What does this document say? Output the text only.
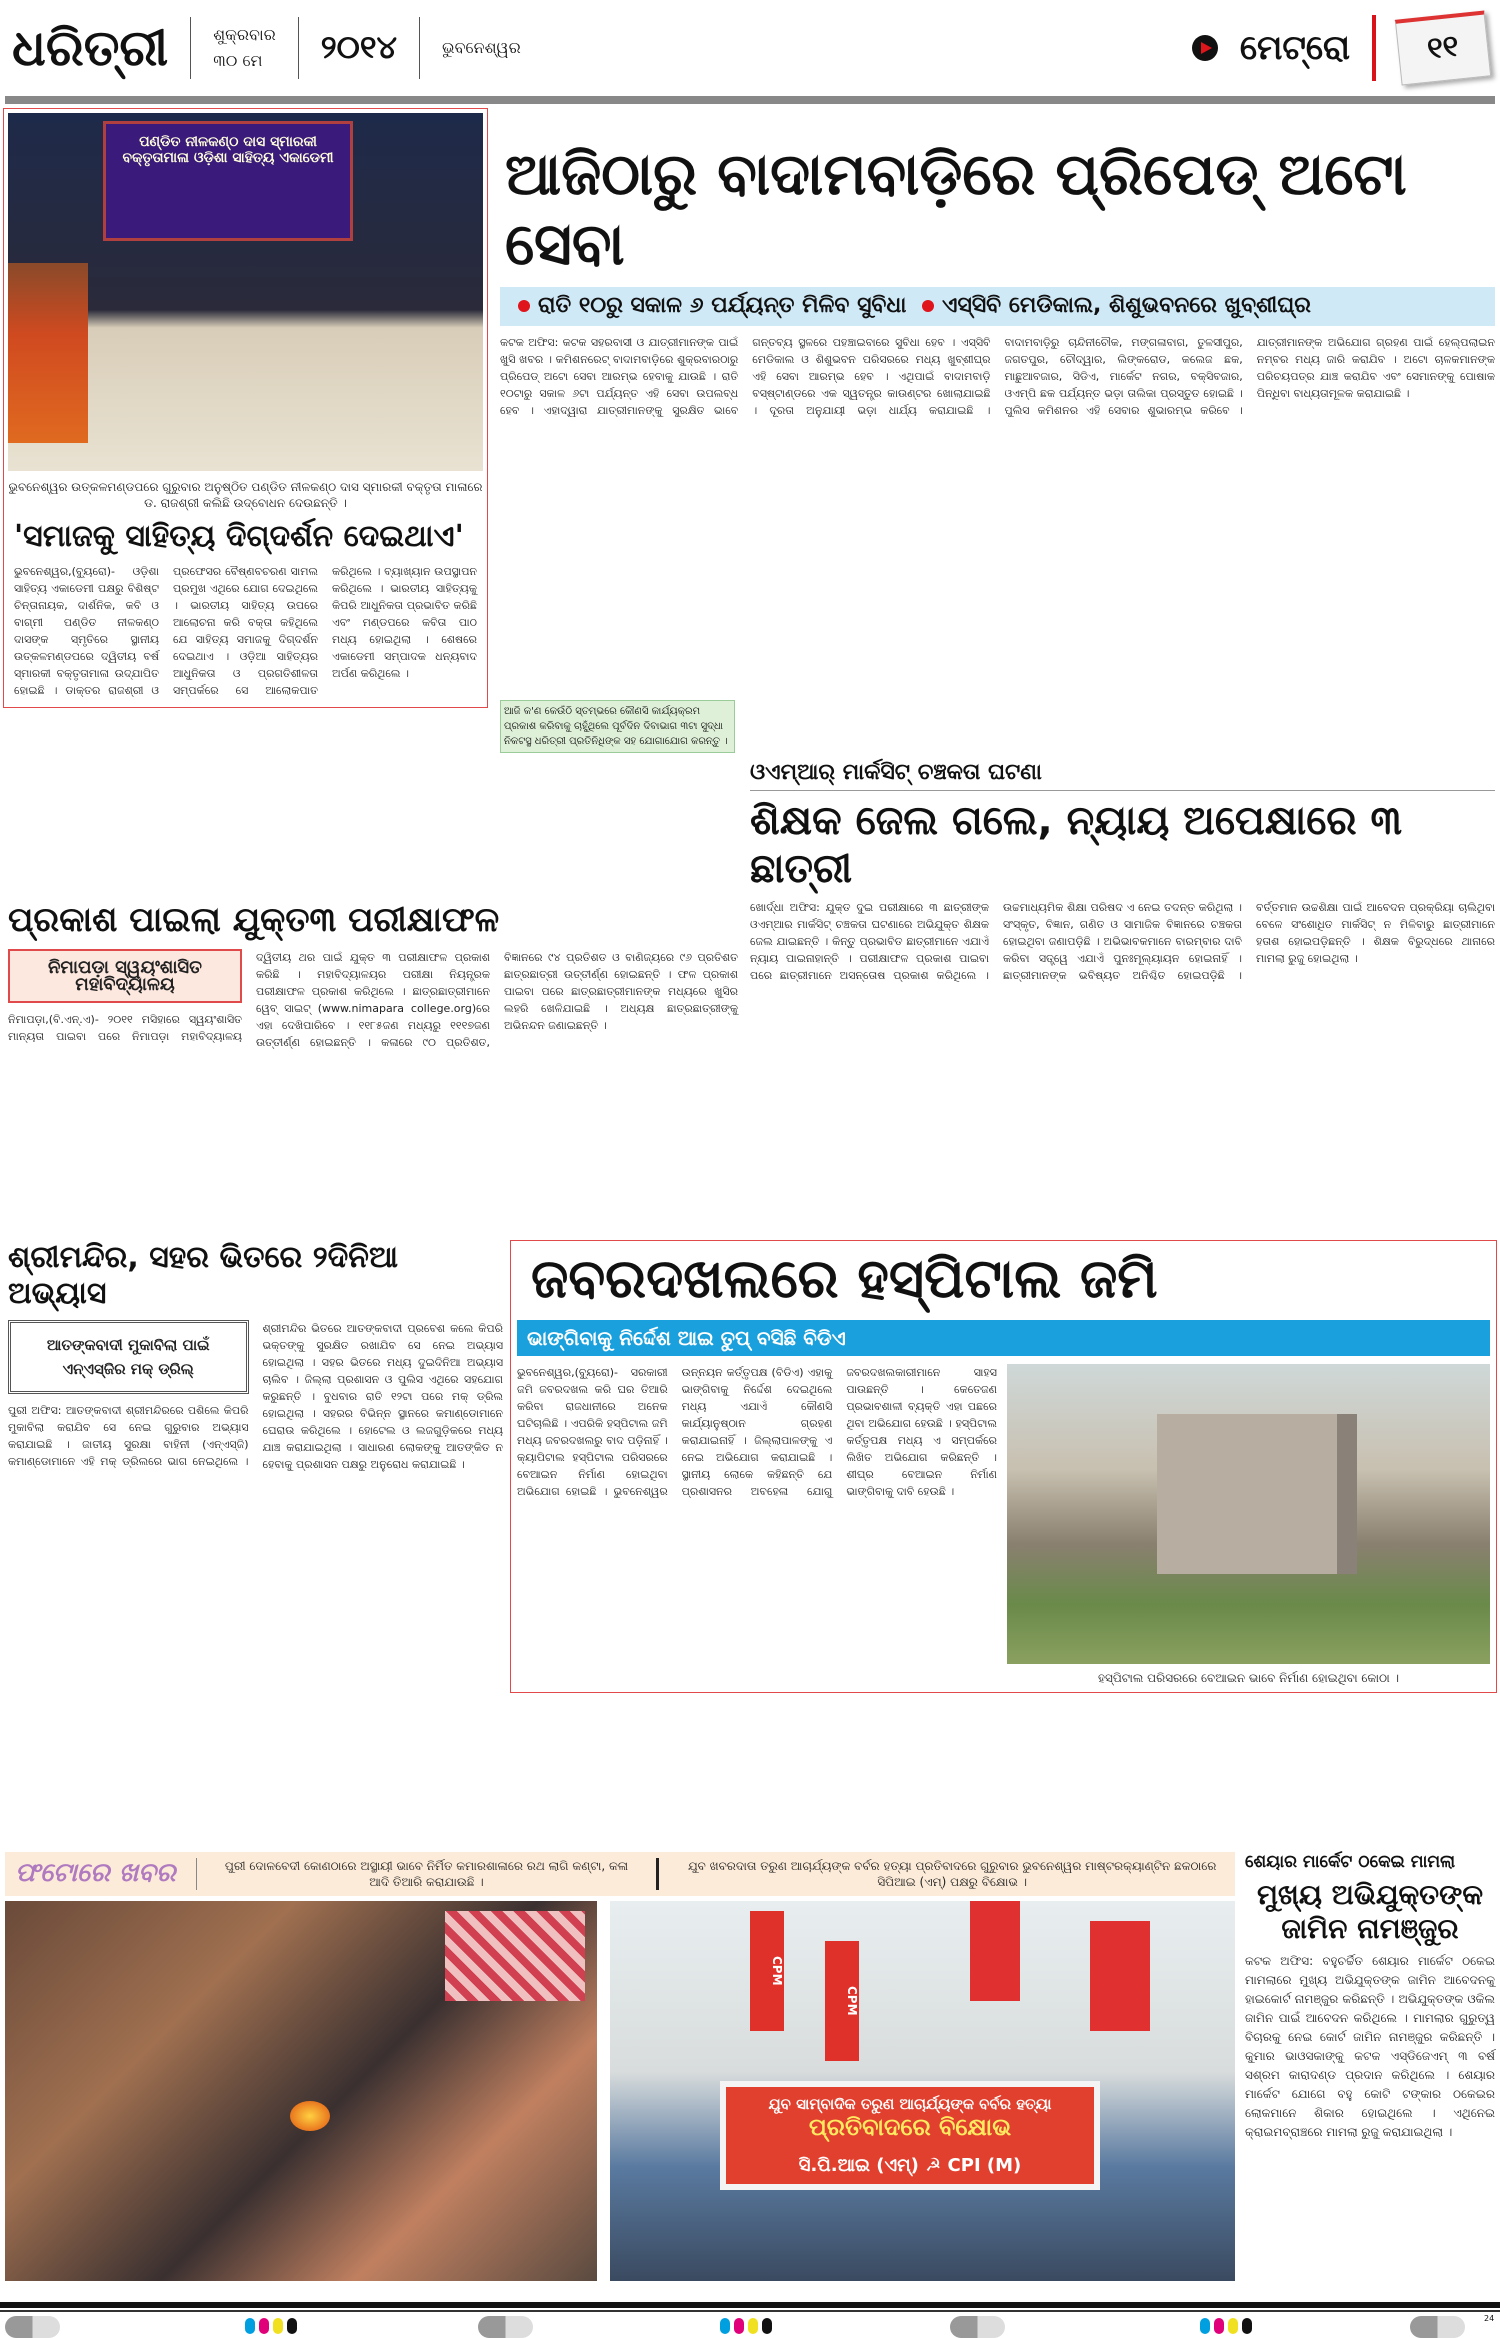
ଧରିତ୍ରୀ	ଶୁକ୍ରବାର
୩୦ ମେ	୨୦୧୪	ଭୁବନେଶ୍ୱର	ମେଟ୍ରୋ	୧୧
ପଣ୍ଡିତ ନୀଳକଣ୍ଠ ଦାସ ସ୍ମାରକୀ ବକ୍ତୃତାମାଳା ଓଡ଼ିଶା ସାହିତ୍ୟ ଏକାଡେମୀ
ଭୁବନେଶ୍ୱର ଉତ୍କଳମଣ୍ଡପରେ ଗୁରୁବାର ଅନୁଷ୍ଠିତ ପଣ୍ଡିତ ନୀଳକଣ୍ଠ ଦାସ ସ୍ମାରକୀ ବକ୍ତୃତା ମାଳାରେ ଡ. ରାଜଶ୍ରୀ କଲିଛି ଉଦ୍‌ବୋଧନ ଦେଉଛନ୍ତି ।
'ସମାଜକୁ ସାହିତ୍ୟ ଦିଗ୍‌ଦର୍ଶନ ଦେଇଥାଏ'
ଭୁବନେଶ୍ୱର,(ବ୍ୟୁରୋ)- ଓଡ଼ିଶା ସାହିତ୍ୟ ଏକାଡେମୀ ପକ୍ଷରୁ ବିଶିଷ୍ଟ ଚିନ୍ତାନାୟକ, ଦାର୍ଶନିକ, କବି ଓ ବାଗ୍ମୀ ପଣ୍ଡିତ ନୀଳକଣ୍ଠ ଦାସଙ୍କ ସ୍ମୃତିରେ ସ୍ଥାନୀୟ ଉତ୍କଳମଣ୍ଡପରେ ଦ୍ୱିତୀୟ ବର୍ଷ ସ୍ମାରକୀ ବକ୍ତୃତାମାଳା ଉଦ୍‌ଯାପିତ ହୋଇଛି । ଡାକ୍ତର ରାଜଶ୍ରୀ ଓ ପ୍ରଫେସର ବୈଷ୍ଣବଚରଣ ସାମଲ ପ୍ରମୁଖ ଏଥିରେ ଯୋଗ ଦେଇଥିଲେ । ଭାରତୀୟ ସାହିତ୍ୟ ଉପରେ ଆଲୋଚନା କରି ବକ୍ତା କହିଥିଲେ ଯେ ସାହିତ୍ୟ ସମାଜକୁ ଦିଗ୍‌ଦର୍ଶନ ଦେଇଥାଏ । ଓଡ଼ିଆ ସାହିତ୍ୟର ଆଧୁନିକତା ଓ ପ୍ରଗତିଶୀଳତା ସମ୍ପର୍କରେ ସେ ଆଲୋକପାତ କରିଥିଲେ । ବ୍ୟାଖ୍ୟାନ ଉପସ୍ଥାପନ କରିଥିଲେ । ଭାରତୀୟ ସାହିତ୍ୟକୁ କିପରି ଆଧୁନିକତା ପ୍ରଭାବିତ କରିଛି ଏବଂ ମଣ୍ଡପରେ କବିତା ପାଠ ମଧ୍ୟ ହୋଇଥିଲା । ଶେଷରେ ଏକାଡେମୀ ସମ୍ପାଦକ ଧନ୍ୟବାଦ ଅର୍ପଣ କରିଥିଲେ ।
ଆଜିଠାରୁ ବାଦାମବାଡ଼ିରେ ପ୍ରିପେଡ୍ ଅଟୋ ସେବା
ରାତି ୧୦ରୁ ସକାଳ ୬ ପର୍ଯ୍ୟନ୍ତ ମିଳିବ ସୁବିଧା ଏସ୍‌ସିବି ମେଡିକାଲ, ଶିଶୁଭବନରେ ଖୁବ୍‌ଶୀଘ୍ର
କଟକ ଅଫିସ: କଟକ ସହରବାସୀ ଓ ଯାତ୍ରୀମାନଙ୍କ ପାଇଁ ଖୁସି ଖବର । କମିଶନରେଟ୍ ବାଦାମବାଡ଼ିରେ ଶୁକ୍ରବାରଠାରୁ ପ୍ରିପେଡ୍ ଅଟୋ ସେବା ଆରମ୍ଭ ହେବାକୁ ଯାଉଛି । ରାତି ୧୦ଟାରୁ ସକାଳ ୬ଟା ପର୍ଯ୍ୟନ୍ତ ଏହି ସେବା ଉପଲବ୍ଧ ହେବ । ଏହାଦ୍ୱାରା ଯାତ୍ରୀମାନଙ୍କୁ ସୁରକ୍ଷିତ ଭାବେ ଗନ୍ତବ୍ୟ ସ୍ଥଳରେ ପହଞ୍ଚାଇବାରେ ସୁବିଧା ହେବ । ଏସ୍‌ସିବି ମେଡିକାଲ ଓ ଶିଶୁଭବନ ପରିସରରେ ମଧ୍ୟ ଖୁବ୍‌ଶୀଘ୍ର ଏହି ସେବା ଆରମ୍ଭ ହେବ । ଏଥିପାଇଁ ବାଦାମବାଡ଼ି ବସ୍‌ଷ୍ଟାଣ୍ଡରେ ଏକ ସ୍ୱତନ୍ତ୍ର କାଉଣ୍ଟର ଖୋଲାଯାଇଛି । ଦୂରତା ଅନୁଯାୟୀ ଭଡ଼ା ଧାର୍ଯ୍ୟ କରାଯାଇଛି । ବାଦାମବାଡ଼ିରୁ ଚାନ୍ଦିନୀଚୌକ, ମଙ୍ଗଳାବାଗ, ତୁଳସୀପୁର, ଜଗତପୁର, ଚୌଦ୍ୱାର, ଲିଙ୍କରୋଡ, କଲେଜ ଛକ, ମାଛୁଆବଜାର, ସିଡିଏ, ମାର୍କେଟ ନଗର, ବକ୍ସିବଜାର, ଓଏମ୍‌ପି ଛକ ପର୍ଯ୍ୟନ୍ତ ଭଡ଼ା ତାଲିକା ପ୍ରସ୍ତୁତ ହୋଇଛି । ପୁଲିସ କମିଶନର ଏହି ସେବାର ଶୁଭାରମ୍ଭ କରିବେ । ଯାତ୍ରୀମାନଙ୍କ ଅଭିଯୋଗ ଗ୍ରହଣ ପାଇଁ ହେଲ୍ପଲାଇନ ନମ୍ବର ମଧ୍ୟ ଜାରି କରାଯିବ । ଅଟୋ ଚାଳକମାନଙ୍କ ପରିଚୟପତ୍ର ଯାଞ୍ଚ କରାଯିବ ଏବଂ ସେମାନଙ୍କୁ ପୋଷାକ ପିନ୍ଧିବା ବାଧ୍ୟତାମୂଳକ କରାଯାଇଛି ।
ଆଜି କ'ଣ କେଉଁଠି ସ୍ତମ୍ଭରେ କୌଣସି କାର୍ଯ୍ୟକ୍ରମ ପ୍ରକାଶ କରିବାକୁ ଚାହୁଁଥିଲେ ପୂର୍ବଦିନ ଦିବାଭାଗ ୩ଟା ସୁଦ୍ଧା ନିକଟସ୍ଥ ଧରିତ୍ରୀ ପ୍ରତିନିଧିଙ୍କ ସହ ଯୋଗାଯୋଗ କରନ୍ତୁ ।
ଓଏମ୍‌ଆର୍ ମାର୍କସିଟ୍ ଚଞ୍ଚକତା ଘଟଣା
ଶିକ୍ଷକ ଜେଲ ଗଲେ, ନ୍ୟାୟ ଅପେକ୍ଷାରେ ୩ ଛାତ୍ରୀ
ଖୋର୍ଦ୍ଧା ଅଫିସ: ଯୁକ୍ତ ଦୁଇ ପରୀକ୍ଷାରେ ୩ ଛାତ୍ରୀଙ୍କ ଓଏମ୍‌ଆର ମାର୍କସିଟ୍ ଚଞ୍ଚକତା ଘଟଣାରେ ଅଭିଯୁକ୍ତ ଶିକ୍ଷକ ଜେଲ ଯାଇଛନ୍ତି । କିନ୍ତୁ ପ୍ରଭାବିତ ଛାତ୍ରୀମାନେ ଏଯାଏଁ ନ୍ୟାୟ ପାଇନାହାନ୍ତି । ପରୀକ୍ଷାଫଳ ପ୍ରକାଶ ପାଇବା ପରେ ଛାତ୍ରୀମାନେ ଅସନ୍ତୋଷ ପ୍ରକାଶ କରିଥିଲେ । ଉଚ୍ଚମାଧ୍ୟମିକ ଶିକ୍ଷା ପରିଷଦ ଏ ନେଇ ତଦନ୍ତ କରିଥିଲା । ସଂସ୍କୃତ, ବିଜ୍ଞାନ, ଗଣିତ ଓ ସାମାଜିକ ବିଜ୍ଞାନରେ ଚଞ୍ଚକତା ହୋଇଥିବା ଜଣାପଡ଼ିଛି । ଅଭିଭାବକମାନେ ବାରମ୍ବାର ଦାବି କରିବା ସତ୍ତ୍ୱେ ଏଯାଏଁ ପୁନଃମୂଲ୍ୟାୟନ ହୋଇନାହିଁ । ଛାତ୍ରୀମାନଙ୍କ ଭବିଷ୍ୟତ ଅନିଶ୍ଚିତ ହୋଇପଡ଼ିଛି । ବର୍ତ୍ତମାନ ଉଚ୍ଚଶିକ୍ଷା ପାଇଁ ଆବେଦନ ପ୍ରକ୍ରିୟା ଚାଲିଥିବା ବେଳେ ସଂଶୋଧିତ ମାର୍କସିଟ୍ ନ ମିଳିବାରୁ ଛାତ୍ରୀମାନେ ହତାଶ ହୋଇପଡ଼ିଛନ୍ତି । ଶିକ୍ଷକ ବିରୁଦ୍ଧରେ ଥାନାରେ ମାମଲା ରୁଜୁ ହୋଇଥିଲା ।
ପ୍ରକାଶ ପାଇଲା ଯୁକ୍ତ୩ ପରୀକ୍ଷାଫଳ
ନିମାପଡ଼ା ସ୍ୱୟଂଶାସିତ ମହାବିଦ୍ୟାଳୟ
ନିମାପଡ଼ା,(ବି.ଏନ୍.ଏ)- ୨୦୧୧ ମସିହାରେ ସ୍ୱୟଂଶାସିତ ମାନ୍ୟତା ପାଇବା ପରେ ନିମାପଡ଼ା ମହାବିଦ୍ୟାଳୟ ଦ୍ୱିତୀୟ ଥର ପାଇଁ ଯୁକ୍ତ ୩ ପରୀକ୍ଷାଫଳ ପ୍ରକାଶ କରିଛି । ମହାବିଦ୍ୟାଳୟର ପରୀକ୍ଷା ନିୟନ୍ତ୍ରକ ପରୀକ୍ଷାଫଳ ପ୍ରକାଶ କରିଥିଲେ । ଛାତ୍ରଛାତ୍ରୀମାନେ ୱେବ୍ ସାଇଟ୍ (www.nimapara college.org)ରେ ଏହା ଦେଖିପାରିବେ । ୧୧୮୫ଜଣ ମଧ୍ୟରୁ ୧୧୧୭ଜଣ ଉତ୍ତୀର୍ଣ୍ଣ ହୋଇଛନ୍ତି । କଳାରେ ୯୦ ପ୍ରତିଶତ, ବିଜ୍ଞାନରେ ୯୪ ପ୍ରତିଶତ ଓ ବାଣିଜ୍ୟରେ ୯୬ ପ୍ରତିଶତ ଛାତ୍ରଛାତ୍ରୀ ଉତ୍ତୀର୍ଣ୍ଣ ହୋଇଛନ୍ତି । ଫଳ ପ୍ରକାଶ ପାଇବା ପରେ ଛାତ୍ରଛାତ୍ରୀମାନଙ୍କ ମଧ୍ୟରେ ଖୁସିର ଲହରି ଖେଳିଯାଇଛି । ଅଧ୍ୟକ୍ଷ ଛାତ୍ରଛାତ୍ରୀଙ୍କୁ ଅଭିନନ୍ଦନ ଜଣାଇଛନ୍ତି ।
ଶ୍ରୀମନ୍ଦିର, ସହର ଭିତରେ ୨ଦିନିଆ ଅଭ୍ୟାସ
ଆତଙ୍କବାଦୀ ମୁକାବିଲା ପାଇଁ ଏନ୍‌ଏସ୍‌ଜିର ମକ୍ ଡ୍ରିଲ୍
ପୁରୀ ଅଫିସ: ଆତଙ୍କବାଦୀ ଶ୍ରୀମନ୍ଦିରରେ ପଶିଲେ କିପରି ମୁକାବିଲା କରାଯିବ ସେ ନେଇ ଗୁରୁବାର ଅଭ୍ୟାସ କରାଯାଇଛି । ଜାତୀୟ ସୁରକ୍ଷା ବାହିନୀ (ଏନ୍‌ଏସ୍‌ଜି) କମାଣ୍ଡୋମାନେ ଏହି ମକ୍ ଡ୍ରିଲରେ ଭାଗ ନେଇଥିଲେ । ଶ୍ରୀମନ୍ଦିର ଭିତରେ ଆତଙ୍କବାଦୀ ପ୍ରବେଶ କଲେ କିପରି ଭକ୍ତଙ୍କୁ ସୁରକ୍ଷିତ ରଖାଯିବ ସେ ନେଇ ଅଭ୍ୟାସ ହୋଇଥିଲା । ସହର ଭିତରେ ମଧ୍ୟ ଦୁଇଦିନିଆ ଅଭ୍ୟାସ ଚାଲିବ । ଜିଲ୍ଲା ପ୍ରଶାସନ ଓ ପୁଲିସ ଏଥିରେ ସହଯୋଗ କରୁଛନ୍ତି । ବୁଧବାର ରାତି ୧୨ଟା ପରେ ମକ୍ ଡ୍ରିଲ ହୋଇଥିଲା । ସହରର ବିଭିନ୍ନ ସ୍ଥାନରେ କମାଣ୍ଡୋମାନେ ଘେରାଉ କରିଥିଲେ । ହୋଟେଲ ଓ ଲଜଗୁଡ଼ିକରେ ମଧ୍ୟ ଯାଞ୍ଚ କରାଯାଇଥିଲା । ସାଧାରଣ ଲୋକଙ୍କୁ ଆତଙ୍କିତ ନ ହେବାକୁ ପ୍ରଶାସନ ପକ୍ଷରୁ ଅନୁରୋଧ କରାଯାଇଛି ।
ଜବରଦଖଲରେ ହସ୍ପିଟାଲ ଜମି
ଭାଙ୍ଗିବାକୁ ନିର୍ଦ୍ଦେଶ ଆଇ ତୁପ୍ ବସିଛି ବିଡିଏ
ଭୁବନେଶ୍ୱର,(ବ୍ୟୁରୋ)- ସରକାରୀ ଜମି ଜବରଦଖଲ କରି ଘର ତିଆରି କରିବା ରାଜଧାନୀରେ ଅନେକ ଘଟିଚାଲିଛି । ଏପରିକି ହସ୍ପିଟାଲ ଜମି ମଧ୍ୟ ଜବରଦଖଲରୁ ବାଦ ପଡ଼ିନାହିଁ । କ୍ୟାପିଟାଲ ହସ୍ପିଟାଲ ପରିସରରେ ବେଆଇନ ନିର୍ମାଣ ହୋଇଥିବା ଅଭିଯୋଗ ହୋଇଛି । ଭୁବନେଶ୍ୱର ଉନ୍ନୟନ କର୍ତ୍ତୃପକ୍ଷ (ବିଡିଏ) ଏହାକୁ ଭାଙ୍ଗିବାକୁ ନିର୍ଦ୍ଦେଶ ଦେଇଥିଲେ ମଧ୍ୟ ଏଯାଏଁ କୌଣସି କାର୍ଯ୍ୟାନୁଷ୍ଠାନ ଗ୍ରହଣ କରାଯାଇନାହିଁ । ଜିଲ୍ଲାପାଳଙ୍କୁ ଏ ନେଇ ଅଭିଯୋଗ କରାଯାଇଛି । ସ୍ଥାନୀୟ ଲୋକେ କହିଛନ୍ତି ଯେ ପ୍ରଶାସନର ଅବହେଳା ଯୋଗୁ ଜବରଦଖଲକାରୀମାନେ ସାହସ ପାଉଛନ୍ତି । କେତେଜଣ ପ୍ରଭାବଶାଳୀ ବ୍ୟକ୍ତି ଏହା ପଛରେ ଥିବା ଅଭିଯୋଗ ହେଉଛି । ହସ୍ପିଟାଲ କର୍ତ୍ତୃପକ୍ଷ ମଧ୍ୟ ଏ ସମ୍ପର୍କରେ ଲିଖିତ ଅଭିଯୋଗ କରିଛନ୍ତି । ଶୀଘ୍ର ବେଆଇନ ନିର୍ମାଣ ଭାଙ୍ଗିବାକୁ ଦାବି ହେଉଛି ।
ହସ୍ପିଟାଲ ପରିସରରେ ବେଆଇନ ଭାବେ ନିର୍ମାଣ ହୋଇଥିବା କୋଠା ।
ଫଟୋରେ ଖବର	ପୁରୀ ଦୋଳବେଦୀ କୋଣଠାରେ ଅସ୍ଥାୟୀ ଭାବେ ନିର୍ମିତ କମାରଶାଳାରେ ରଥ ଲାଗି କଣ୍ଟା, କଳା ଆଦି ତିଆରି କରାଯାଉଛି ।
ଯୁବ ଖବରଦାତା ତରୁଣ ଆଚାର୍ଯ୍ୟଙ୍କ ବର୍ବର ହତ୍ୟା ପ୍ରତିବାଦରେ ଗୁରୁବାର ଭୁବନେଶ୍ୱର ମାଷ୍ଟରକ୍ୟାଣ୍ଟିନ ଛକଠାରେ ସିପିଆଇ (ଏମ୍) ପକ୍ଷରୁ ବିକ୍ଷୋଭ ।
CPM
CPM
ଯୁବ ସାମ୍ବାଦିକ ତରୁଣ ଆଚାର୍ଯ୍ୟଙ୍କ ବର୍ବର ହତ୍ୟା
ପ୍ରତିବାଦରେ ବିକ୍ଷୋଭ
ସି.ପି.ଆଇ (ଏମ୍) ☭ CPI (M)
ଶେୟାର ମାର୍କେଟ ଠକେଇ ମାମଲା
ମୁଖ୍ୟ ଅଭିଯୁକ୍ତଙ୍କ ଜାମିନ ନାମଞ୍ଜୁର
କଟକ ଅଫିସ: ବହୁଚର୍ଚ୍ଚିତ ଶେୟାର ମାର୍କେଟ ଠକେଇ ମାମଲାରେ ମୁଖ୍ୟ ଅଭିଯୁକ୍ତଙ୍କ ଜାମିନ ଆବେଦନକୁ ହାଇକୋର୍ଟ ନାମଞ୍ଜୁର କରିଛନ୍ତି । ଅଭିଯୁକ୍ତଙ୍କ ଓକିଲ ଜାମିନ ପାଇଁ ଆବେଦନ କରିଥିଲେ । ମାମଲାର ଗୁରୁତ୍ୱ ବିଚାରକୁ ନେଇ କୋର୍ଟ ଜାମିନ ନାମଞ୍ଜୁର କରିଛନ୍ତି । କୁମାର ଭାଓସକାଙ୍କୁ କଟକ ଏସ୍‌ଡିଜେଏମ୍ ୩ ବର୍ଷ ସଶ୍ରମ କାରାଦଣ୍ଡ ପ୍ରଦାନ କରିଥିଲେ । ଶେୟାର ମାର୍କେଟ ଯୋଗେ ବହୁ କୋଟି ଟଙ୍କାର ଠକେଇର ଲୋକମାନେ ଶିକାର ହୋଇଥିଲେ । ଏଥିନେଇ କ୍ରାଇମବ୍ରାଞ୍ଚରେ ମାମଲା ରୁଜୁ କରାଯାଇଥିଲା ।
24
